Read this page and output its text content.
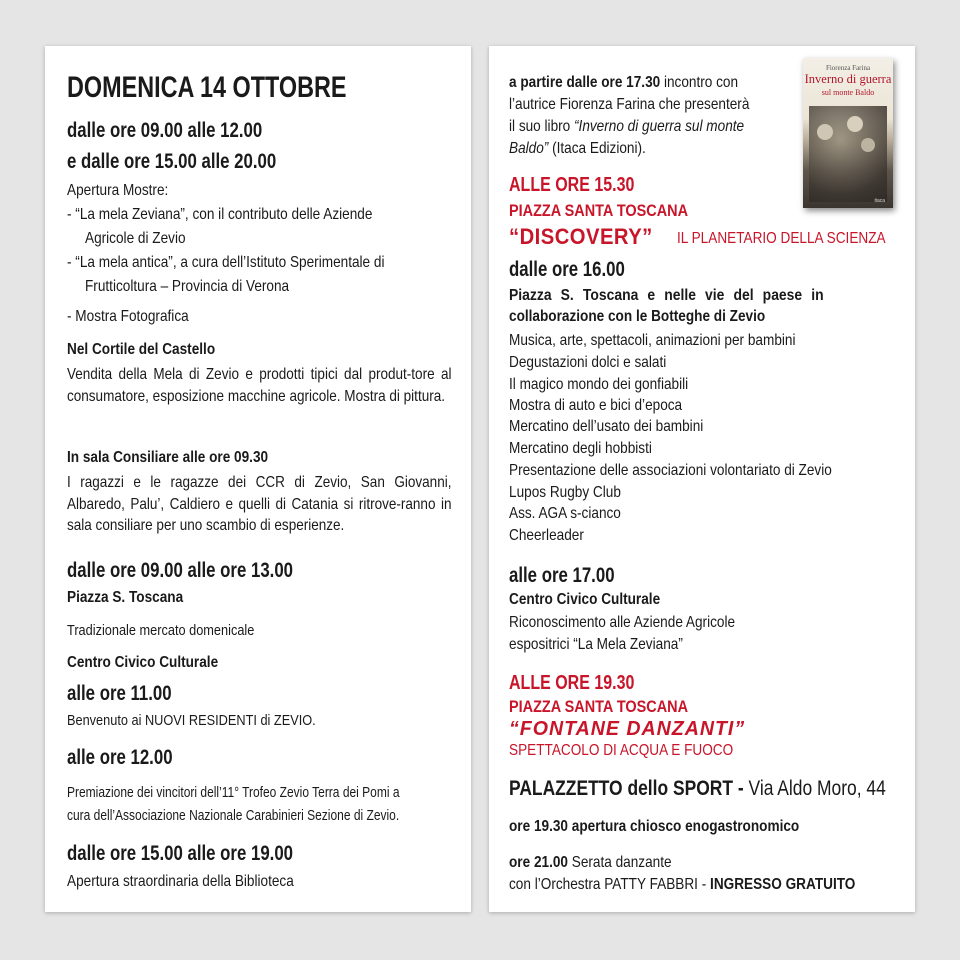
DOMENICA 14 OTTOBRE
dalle ore 09.00 alle 12.00
e dalle ore 15.00 alle 20.00
Apertura Mostre:
- “La mela Zeviana”, con il contributo delle Aziende
Agricole di Zevio
- “La mela antica”, a cura dell’Istituto Sperimentale di
Frutticoltura – Provincia di Verona
- Mostra Fotografica
Nel Cortile del Castello
Vendita della Mela di Zevio e prodotti tipici dal produt-tore al consumatore, esposizione macchine agricole. Mostra di pittura.
In sala Consiliare alle ore 09.30
I ragazzi e le ragazze dei CCR di Zevio, San Giovanni, Albaredo, Palu’, Caldiero e quelli di Catania si ritrove-ranno in sala consiliare per uno scambio di esperienze.
dalle ore 09.00 alle ore 13.00
Piazza S. Toscana
Tradizionale mercato domenicale
Centro Civico Culturale
alle ore 11.00
Benvenuto ai NUOVI RESIDENTI di ZEVIO.
alle ore 12.00
Premiazione dei vincitori dell’11° Trofeo Zevio Terra dei Pomi a
cura dell’Associazione Nazionale Carabinieri Sezione di Zevio.
dalle ore 15.00 alle ore 19.00
Apertura straordinaria della Biblioteca
a partire dalle ore 17.30 incontro con
l’autrice Fiorenza Farina che presenterà
il suo libro “Inverno di guerra sul monte
Baldo” (Itaca Edizioni).
Fiorenza Farina
Inverno di guerra
sul monte Baldo
itaca
ALLE ORE 15.30
PIAZZA SANTA TOSCANA
“DISCOVERY”	IL PLANETARIO DELLA SCIENZA
dalle ore 16.00
Piazza S. Toscana e nelle vie del paese in
collaborazione con le Botteghe di Zevio
Musica, arte, spettacoli, animazioni per bambini
Degustazioni dolci e salati
Il magico mondo dei gonfiabili
Mostra di auto e bici d’epoca
Mercatino dell’usato dei bambini
Mercatino degli hobbisti
Presentazione delle associazioni volontariato di Zevio
Lupos Rugby Club
Ass. AGA s-cianco
Cheerleader
alle ore 17.00
Centro Civico Culturale
Riconoscimento alle Aziende Agricole
espositrici “La Mela Zeviana”
ALLE ORE 19.30
PIAZZA SANTA TOSCANA
“FONTANE DANZANTI”
SPETTACOLO DI ACQUA E FUOCO
PALAZZETTO dello SPORT - Via Aldo Moro, 44
ore 19.30 apertura chiosco enogastronomico
ore 21.00 Serata danzante
con l’Orchestra PATTY FABBRI - INGRESSO GRATUITO
